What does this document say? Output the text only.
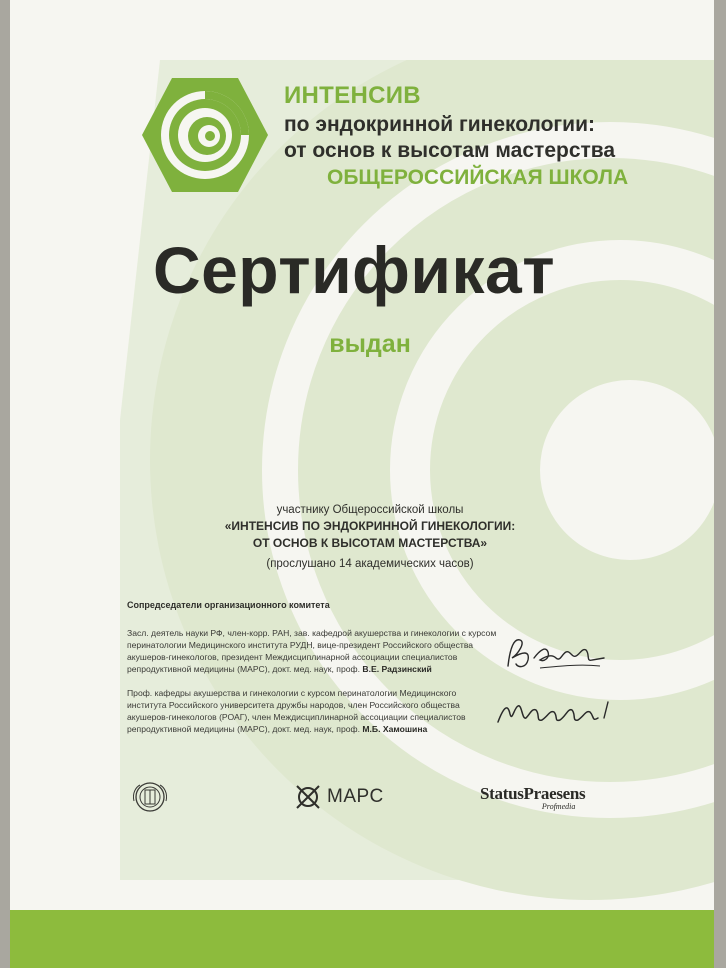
ИНТЕНСИВ
по эндокринной гинекологии:
от основ к высотам мастерства
ОБЩЕРОССИЙСКАЯ ШКОЛА
Сертификат
выдан
участнику Общероссийской школы
«ИНТЕНСИВ ПО ЭНДОКРИННОЙ ГИНЕКОЛОГИИ:
ОТ ОСНОВ К ВЫСОТАМ МАСТЕРСТВА»
(прослушано 14 академических часов)
Сопредседатели организационного комитета
Засл. деятель науки РФ, член-корр. РАН, зав. кафедрой акушерства и гинекологии с курсом перинатологии Медицинского института РУДН, вице-президент Российского общества акушеров-гинекологов, президент Междисциплинарной ассоциации специалистов репродуктивной медицины (МАРС), докт. мед. наук, проф. В.Е. Радзинский
Проф. кафедры акушерства и гинекологии с курсом перинатологии Медицинского института Российского университета дружбы народов, член Российского общества акушеров-гинекологов (РОАГ), член Междисциплинарной ассоциации специалистов репродуктивной медицины (МАРС), докт. мед. наук, проф. М.Б. Хамошина
МАРС	StatusPraesens
Profmedia
